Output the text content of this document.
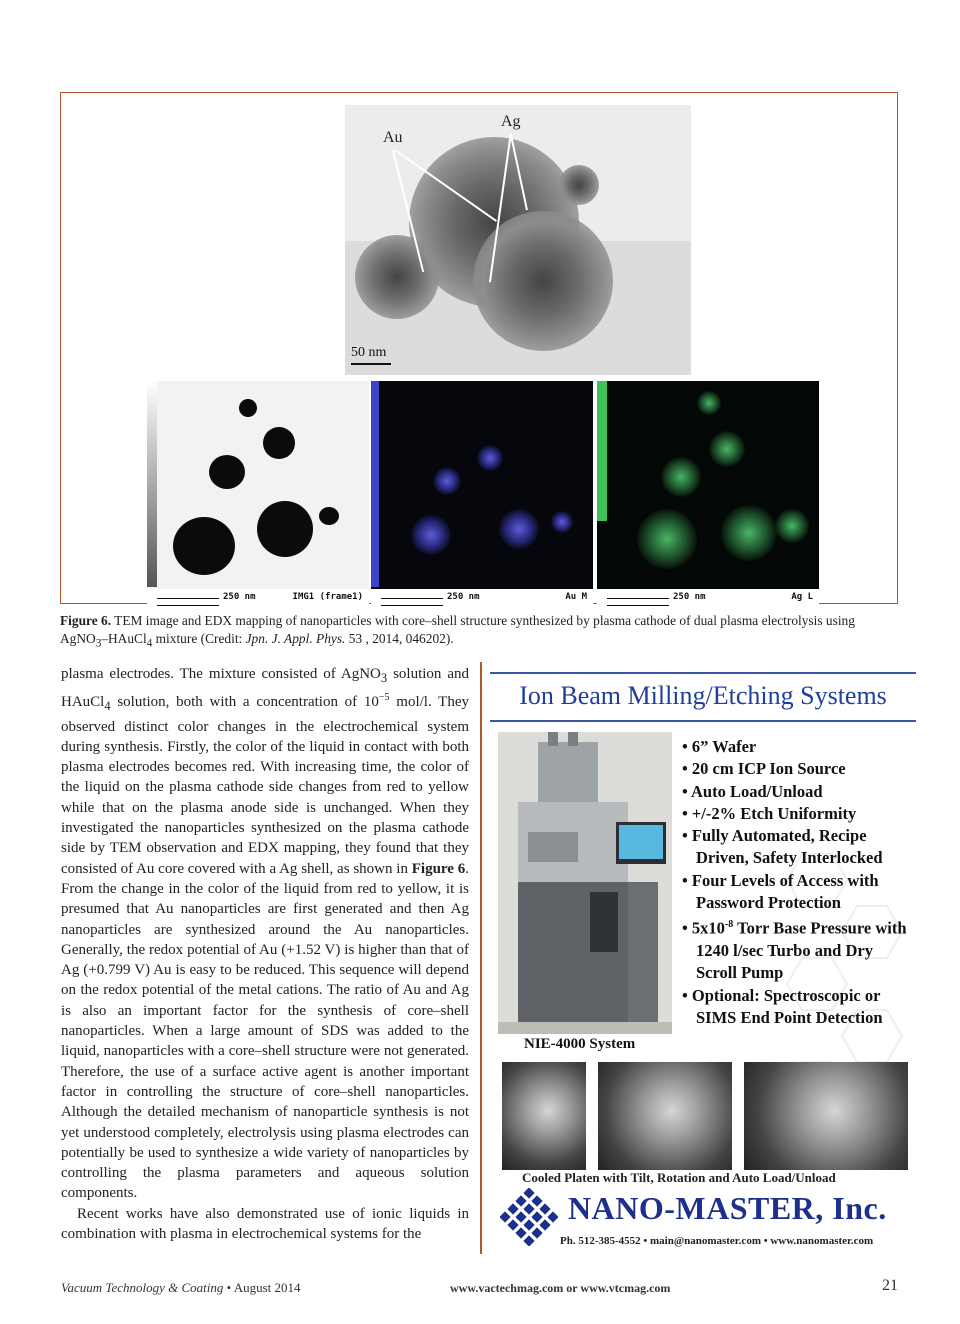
Au
Ag
50 nm
250 nm	IMG1 (frame1)	250 nm	Au M	250 nm	Ag L
Figure 6. TEM image and EDX mapping of nanoparticles with core–shell structure synthesized by plasma cathode of dual plasma electrolysis using AgNO$_3$–HAuCl$_4$ mixture (Credit: Jpn. J. Appl. Phys. 53 , 2014, 046202).

plasma electrodes. The mixture consisted of AgNO$_3$ solution and HAuCl$_4$ solution, both with a concentration of $10^{-5}$ mol/l. They observed distinct color changes in the electrochemical system during synthesis. Firstly, the color of the liquid in contact with both plasma electrodes becomes red. With increasing time, the color of the liquid on the plasma cathode side changes from red to yellow while that on the plasma anode side is unchanged. When they investigated the nanoparticles synthesized on the plasma cathode side by TEM observation and EDX mapping, they found that they consisted of Au core covered with a Ag shell, as shown in Figure 6. From the change in the color of the liquid from red to yellow, it is presumed that Au nanoparticles are first generated and then Ag nanoparticles are synthesized around the Au nanoparticles. Generally, the redox potential of Au (+1.52 V) is higher than that of Ag (+0.799 V) Au is easy to be reduced. This sequence will depend on the redox potential of the metal cations. The ratio of Au and Ag is also an important factor for the synthesis of core–shell nanoparticles. When a large amount of SDS was added to the liquid, nanoparticles with a core–shell structure were not generated. Therefore, the use of a surface active agent is another important factor in controlling the structure of core–shell nanoparticles. Although the detailed mechanism of nanoparticle synthesis is not yet understood completely, electrolysis using plasma electrodes can potentially be used to synthesize a wide variety of nanoparticles by controlling the plasma parameters and aqueous solution components.

Recent works have also demonstrated use of ionic liquids in combination with plasma in electrochemical systems for the

Ion Beam Milling/Etching Systems
• 6” Wafer
• 20 cm ICP Ion Source
• Auto Load/Unload
• +/-2% Etch Uniformity
• Fully Automated, Recipe Driven, Safety Interlocked
• Four Levels of Access with Password Protection
• $5x10^{-8}$ Torr Base Pressure with 1240 l/sec Turbo and Dry Scroll Pump
• Optional: Spectroscopic or SIMS End Point Detection
NIE-4000 System
Cooled Platen with Tilt, Rotation and Auto Load/Unload
NANO-MASTER, Inc.
Ph. 512-385-4552 • main@nanomaster.com • www.nanomaster.com
Vacuum Technology & Coating • August 2014	www.vactechmag.com or www.vtcmag.com	21
